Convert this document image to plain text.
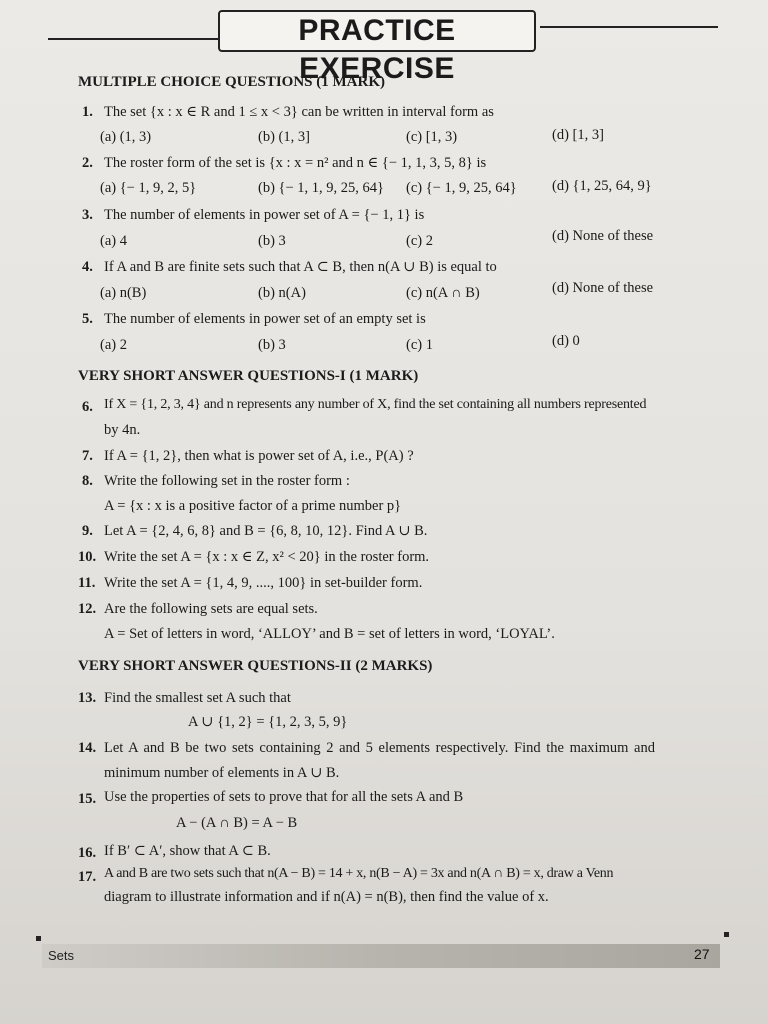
PRACTICE EXERCISE
MULTIPLE CHOICE QUESTIONS (1 MARK)
1. The set {x : x ∈ R and 1 ≤ x < 3} can be written in interval form as
(a) (1, 3)	(b) (1, 3]	(c) [1, 3)	(d) [1, 3]
2. The roster form of the set is {x : x = n² and n ∈ {− 1, 1, 3, 5, 8} is
(a) {− 1, 9, 2, 5}	(b) {− 1, 1, 9, 25, 64} (c) {− 1, 9, 25, 64} (d) {1, 25, 64, 9}
3. The number of elements in power set of A = {− 1, 1} is
(a) 4	(b) 3	(c) 2	(d) None of these
4. If A and B are finite sets such that A ⊂ B, then n(A ∪ B) is equal to
(a) n(B)	(b) n(A)	(c) n(A ∩ B)	(d) None of these
5. The number of elements in power set of an empty set is
(a) 2	(b) 3	(c) 1	(d) 0
VERY SHORT ANSWER QUESTIONS-I (1 MARK)
6. If X = {1, 2, 3, 4} and n represents any number of X, find the set containing all numbers represented
by 4n.
7. If A = {1, 2}, then what is power set of A, i.e., P(A) ?
8. Write the following set in the roster form :
A = {x : x is a positive factor of a prime number p}
9. Let A = {2, 4, 6, 8} and B = {6, 8, 10, 12}. Find A ∪ B.
10. Write the set A = {x : x ∈ Z, x² < 20} in the roster form.
11. Write the set A = {1, 4, 9, ...., 100} in set-builder form.
12. Are the following sets are equal sets.
A = Set of letters in word, ‘ALLOY’ and B = set of letters in word, ‘LOYAL’.
VERY SHORT ANSWER QUESTIONS-II (2 MARKS)
13. Find the smallest set A such that
A ∪ {1, 2} = {1, 2, 3, 5, 9}
14. Let A and B be two sets containing 2 and 5 elements respectively. Find the maximum and
minimum number of elements in A ∪ B.
15. Use the properties of sets to prove that for all the sets A and B
A − (A ∩ B) = A − B
16. If B′ ⊂ A′, show that A ⊂ B.
17. A and B are two sets such that n(A − B) = 14 + x, n(B − A) = 3x and n(A ∩ B) = x, draw a Venn
diagram to illustrate information and if n(A) = n(B), then find the value of x.
Sets	27
